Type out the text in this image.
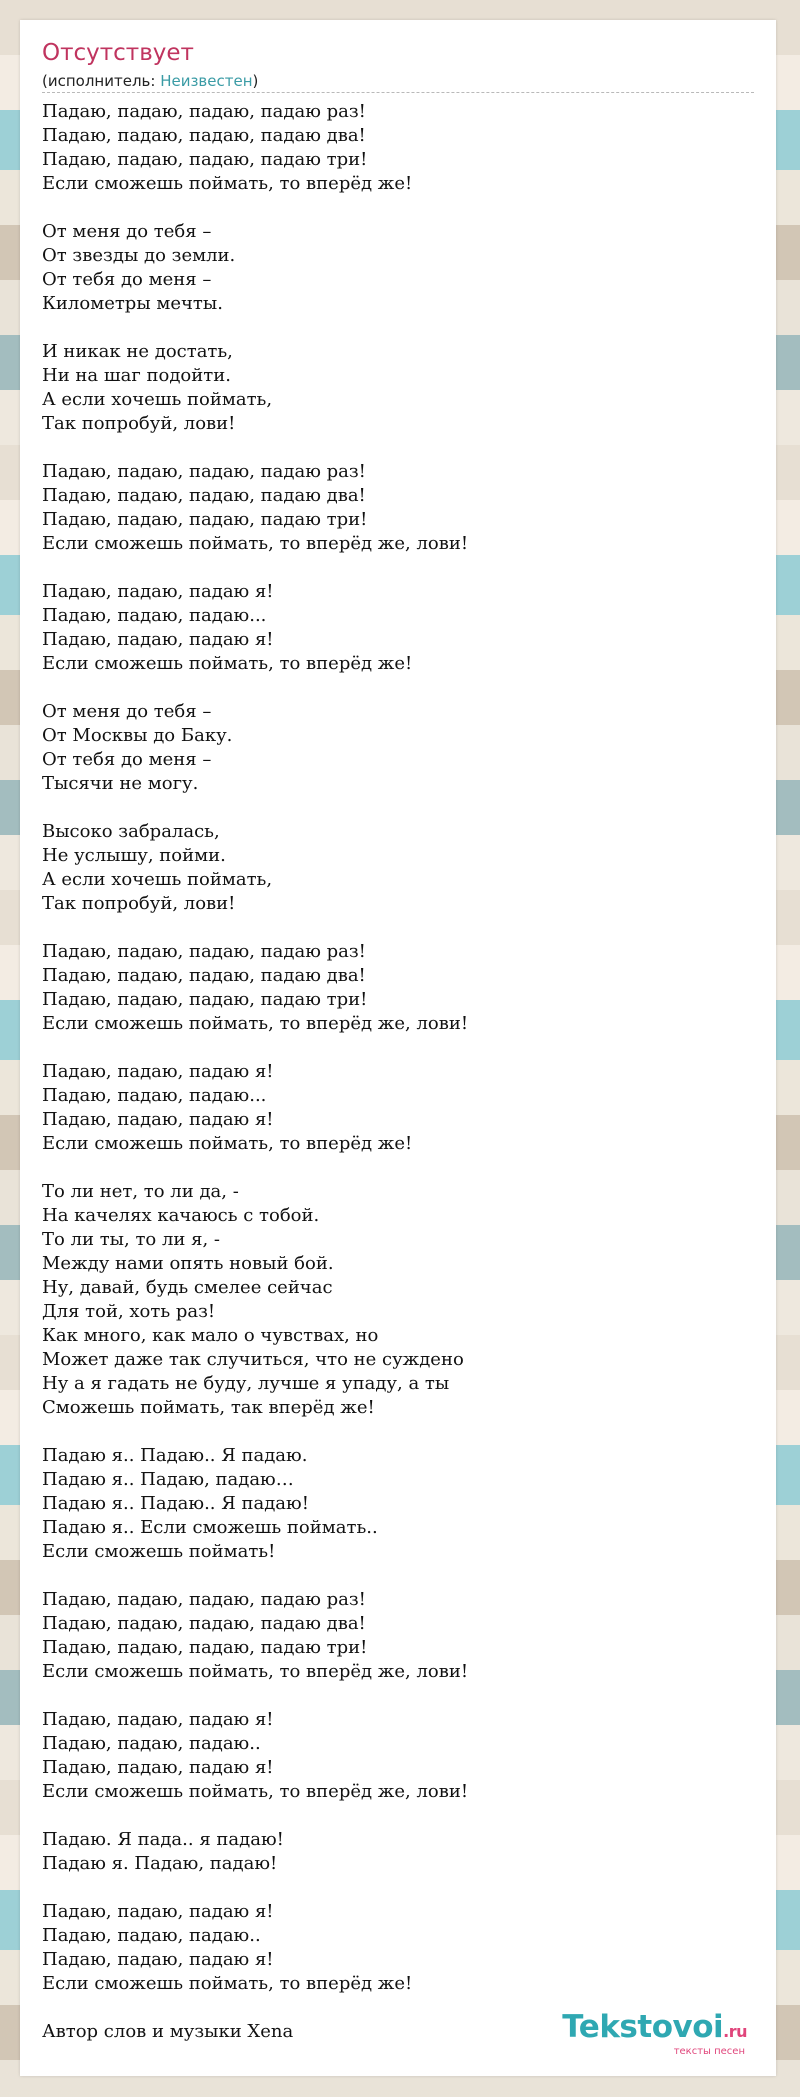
Отсутствует
(исполнитель: Неизвестен)
Падаю, падаю, падаю, падаю раз!
Падаю, падаю, падаю, падаю два!
Падаю, падаю, падаю, падаю три!
Если сможешь поймать, то вперёд же!
От меня до тебя –
От звезды до земли.
От тебя до меня –
Километры мечты.
И никак не достать,
Ни на шаг подойти.
А если хочешь поймать,
Так попробуй, лови!
Падаю, падаю, падаю, падаю раз!
Падаю, падаю, падаю, падаю два!
Падаю, падаю, падаю, падаю три!
Если сможешь поймать, то вперёд же, лови!
Падаю, падаю, падаю я!
Падаю, падаю, падаю...
Падаю, падаю, падаю я!
Если сможешь поймать, то вперёд же!
От меня до тебя –
От Москвы до Баку.
От тебя до меня –
Тысячи не могу.
Высоко забралась,
Не услышу, пойми.
А если хочешь поймать,
Так попробуй, лови!
Падаю, падаю, падаю, падаю раз!
Падаю, падаю, падаю, падаю два!
Падаю, падаю, падаю, падаю три!
Если сможешь поймать, то вперёд же, лови!
Падаю, падаю, падаю я!
Падаю, падаю, падаю...
Падаю, падаю, падаю я!
Если сможешь поймать, то вперёд же!
То ли нет, то ли да, -
На качелях качаюсь с тобой.
То ли ты, то ли я, -
Между нами опять новый бой.
Ну, давай, будь смелее сейчас
Для той, хоть раз!
Как много, как мало о чувствах, но
Может даже так случиться, что не суждено
Ну а я гадать не буду, лучше я упаду, а ты
Сможешь поймать, так вперёд же!
Падаю я.. Падаю.. Я падаю.
Падаю я.. Падаю, падаю…
Падаю я.. Падаю.. Я падаю!
Падаю я.. Если сможешь поймать..
Если сможешь поймать!
Падаю, падаю, падаю, падаю раз!
Падаю, падаю, падаю, падаю два!
Падаю, падаю, падаю, падаю три!
Если сможешь поймать, то вперёд же, лови!
Падаю, падаю, падаю я!
Падаю, падаю, падаю..
Падаю, падаю, падаю я!
Если сможешь поймать, то вперёд же, лови!
Падаю. Я пада.. я падаю!
Падаю я. Падаю, падаю!
Падаю, падаю, падаю я!
Падаю, падаю, падаю..
Падаю, падаю, падаю я!
Если сможешь поймать, то вперёд же!
Автор слов и музыки Xena	Tekstovoi.ru
тексты песен
